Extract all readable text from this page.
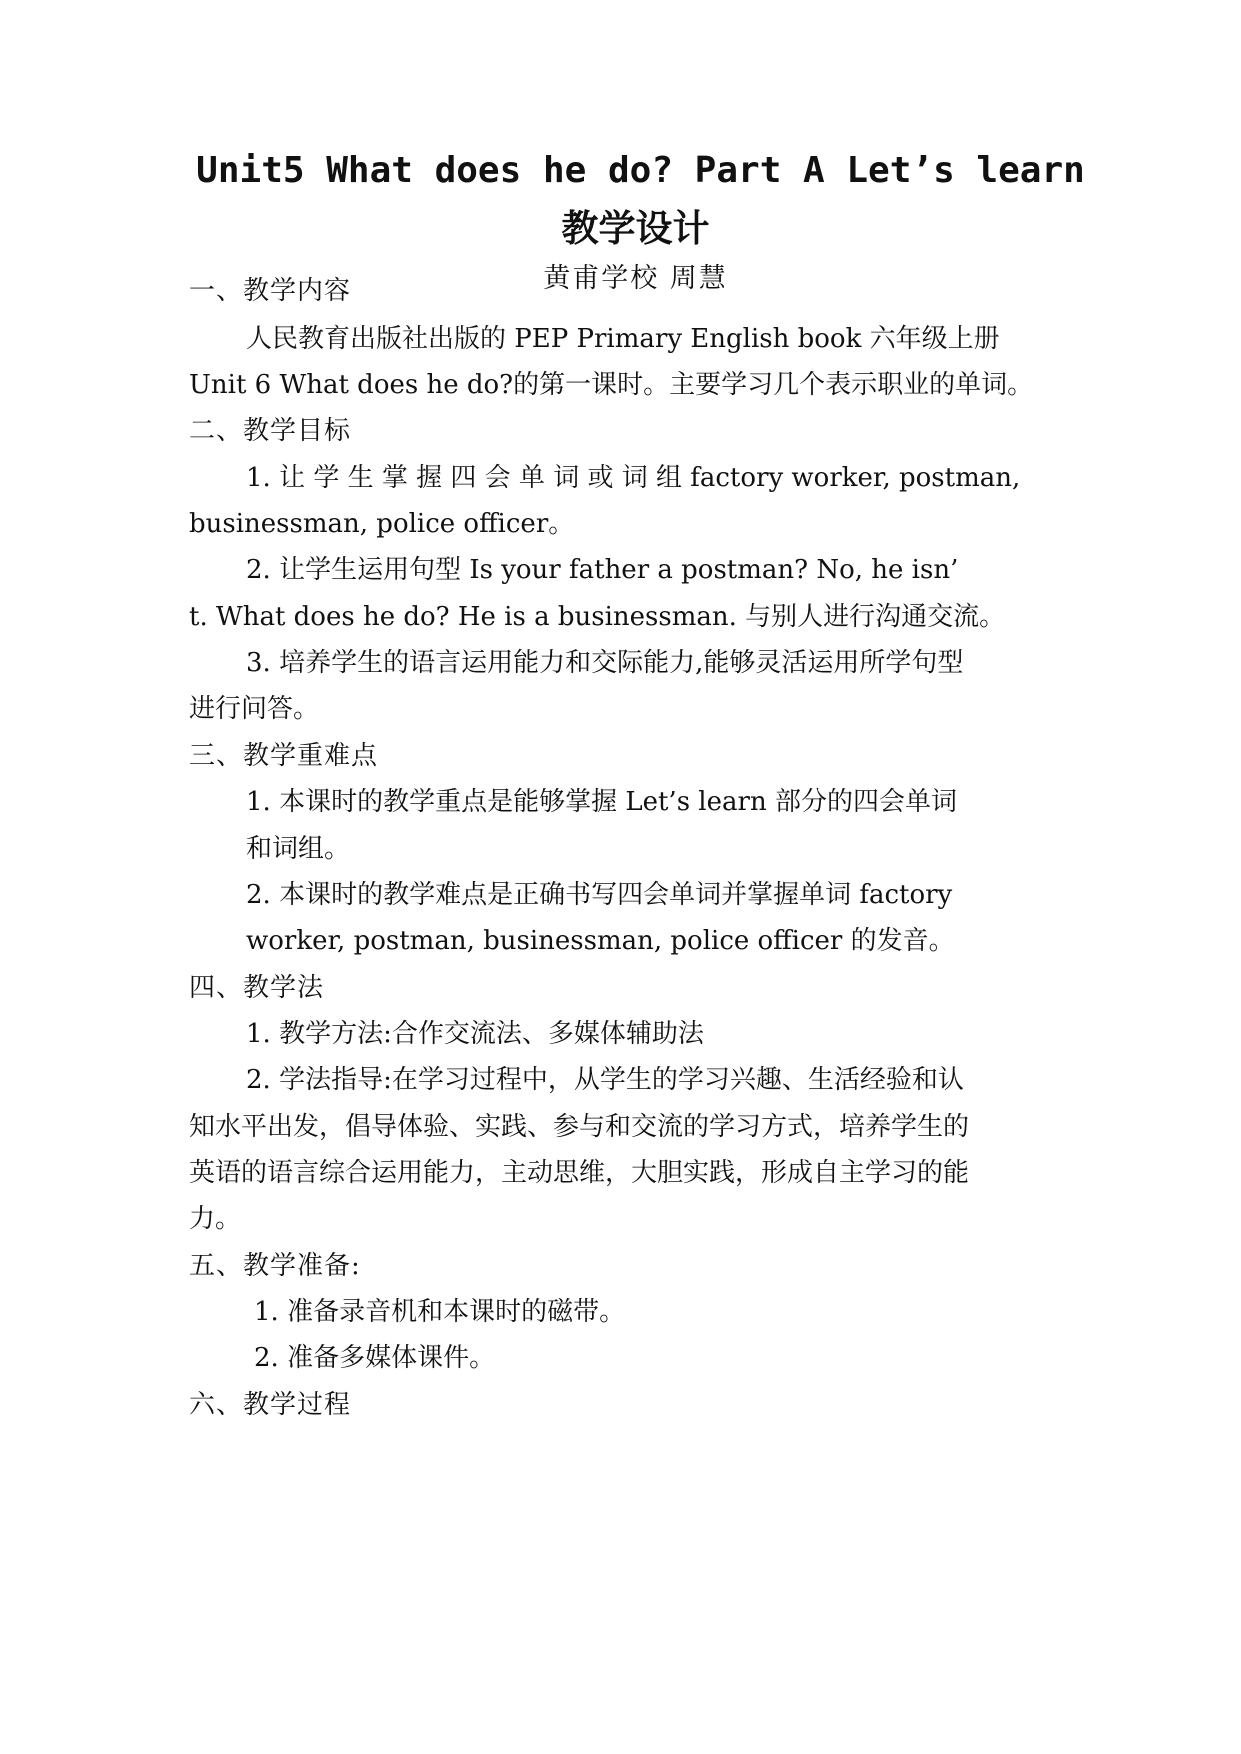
Unit5 What does he do? Part A Let’s learn
教学设计
黄甫学校 周慧
一、教学内容
人民教育出版社出版的 PEP Primary English book 六年级上册
Unit 6 What does he do?的第一课时。主要学习几个表示职业的单词。
二、教学目标
1. 让 学 生 掌 握 四 会 单 词 或 词 组 factory worker, postman,
businessman, police officer。
2. 让学生运用句型 Is your father a postman? No, he isn’
t. What does he do? He is a businessman. 与别人进行沟通交流。
3. 培养学生的语言运用能力和交际能力,能够灵活运用所学句型
进行问答。
三、教学重难点
1. 本课时的教学重点是能够掌握 Let’s learn 部分的四会单词
和词组。
2. 本课时的教学难点是正确书写四会单词并掌握单词 factory
worker, postman, businessman, police officer 的发音。
四、教学法
1. 教学方法:合作交流法、多媒体辅助法
2. 学法指导:在学习过程中，从学生的学习兴趣、生活经验和认
知水平出发，倡导体验、实践、参与和交流的学习方式，培养学生的
英语的语言综合运用能力，主动思维，大胆实践，形成自主学习的能
力。
五、教学准备:
1. 准备录音机和本课时的磁带。
2. 准备多媒体课件。
六、教学过程
